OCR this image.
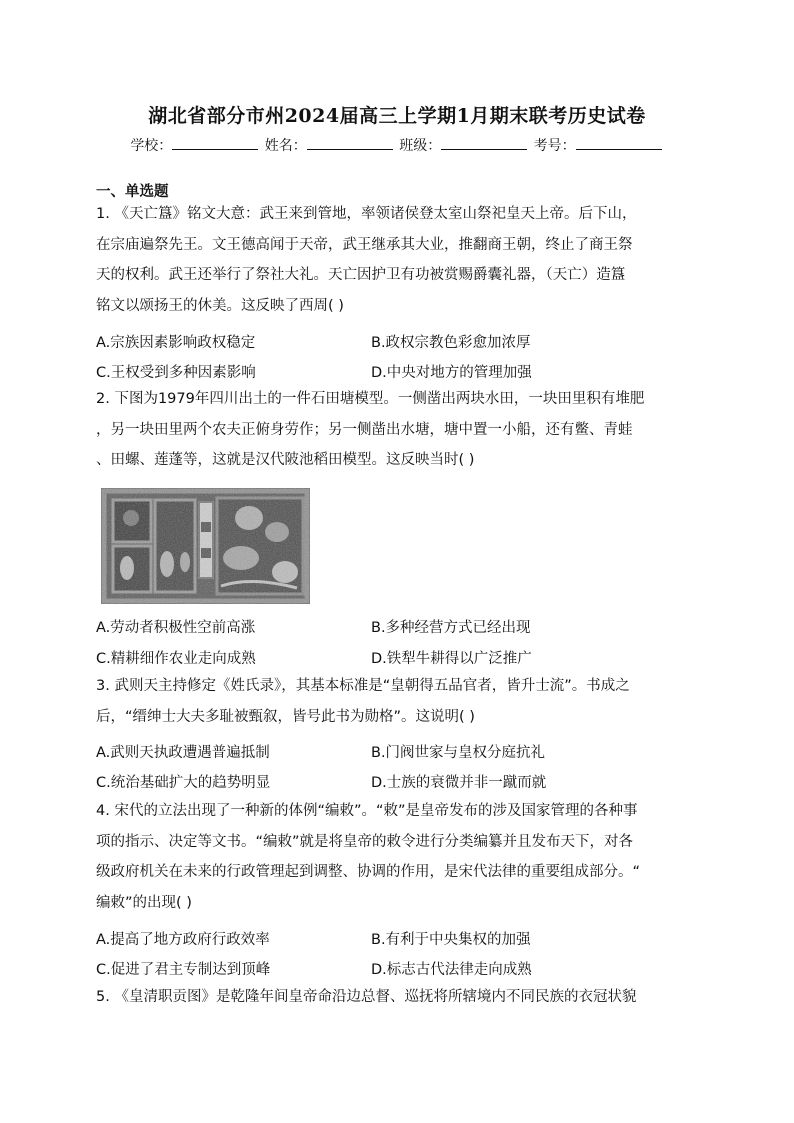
湖北省部分市州2024届高三上学期1月期末联考历史试卷
学校：	姓名：	班级：	考号：
一、单选题
1. 《天亡簋》铭文大意：武王来到管地，率领诸侯登太室山祭祀皇天上帝。后下山，
在宗庙遍祭先王。文王德高闻于天帝，武王继承其大业，推翻商王朝，终止了商王祭
天的权利。武王还举行了祭社大礼。天亡因护卫有功被赏赐爵囊礼器，（天亡）造簋
铭文以颂扬王的休美。这反映了西周( )
A.宗族因素影响政权稳定	B.政权宗教色彩愈加浓厚
C.王权受到多种因素影响	D.中央对地方的管理加强
2. 下图为1979年四川出土的一件石田塘模型。一侧凿出两块水田，一块田里积有堆肥
，另一块田里两个农夫正俯身劳作；另一侧凿出水塘，塘中置一小船，还有鳖、青蛙
、田螺、莲蓬等，这就是汉代陂池稻田模型。这反映当时( )
A.劳动者积极性空前高涨	B.多种经营方式已经出现
C.精耕细作农业走向成熟	D.铁犁牛耕得以广泛推广
3. 武则天主持修定《姓氏录》，其基本标准是“皇朝得五品官者，皆升士流”。书成之
后，“缙绅士大夫多耻被甄叙，皆号此书为勋格”。这说明( )
A.武则天执政遭遇普遍抵制	B.门阀世家与皇权分庭抗礼
C.统治基础扩大的趋势明显	D.士族的衰微并非一蹴而就
4. 宋代的立法出现了一种新的体例“编敕”。“敕”是皇帝发布的涉及国家管理的各种事
项的指示、决定等文书。“编敕”就是将皇帝的敕令进行分类编纂并且发布天下，对各
级政府机关在未来的行政管理起到调整、协调的作用，是宋代法律的重要组成部分。“
编敕”的出现( )
A.提高了地方政府行政效率	B.有利于中央集权的加强
C.促进了君主专制达到顶峰	D.标志古代法律走向成熟
5. 《皇清职贡图》是乾隆年间皇帝命沿边总督、巡抚将所辖境内不同民族的衣冠状貌
